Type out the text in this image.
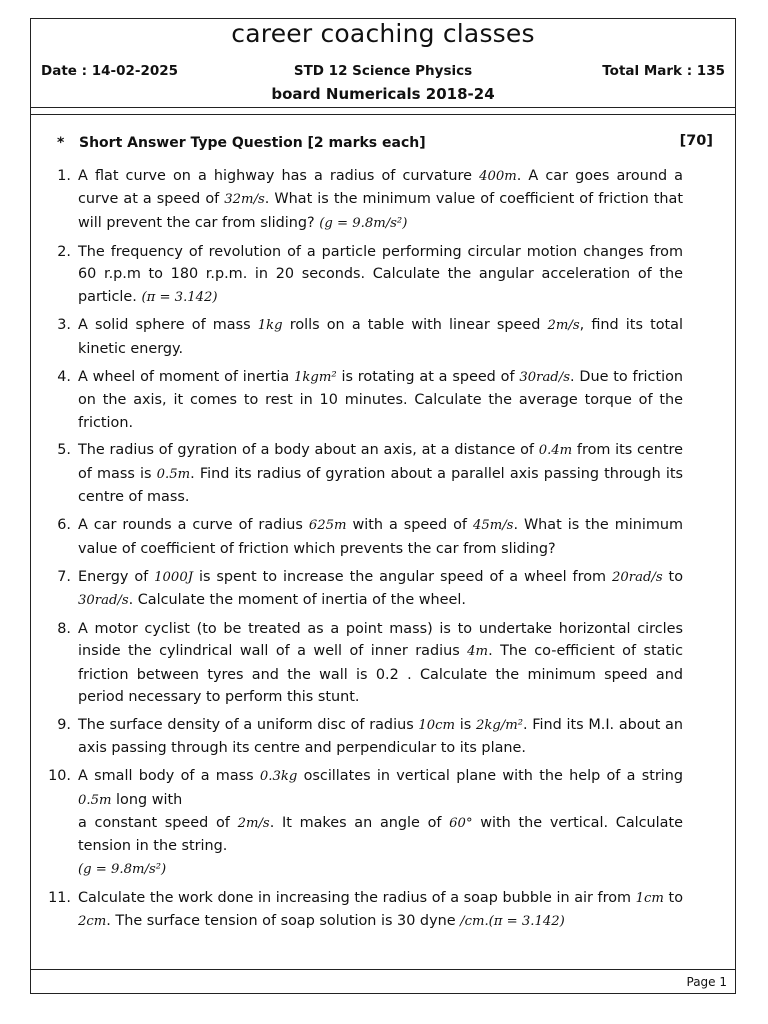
career coaching classes
Date : 14-02-2025	STD 12 Science Physics	Total Mark : 135
board Numericals 2018-24
* Short Answer Type Question [2 marks each]	[70]
1. A flat curve on a highway has a radius of curvature 400m. A car goes around a curve at a speed of 32m/s. What is the minimum value of coefficient of friction that will prevent the car from sliding? (g = 9.8m/s²)

2. The frequency of revolution of a particle performing circular motion changes from 60 r.p.m to 180 r.p.m. in 20 seconds. Calculate the angular acceleration of the particle. (π = 3.142)

3. A solid sphere of mass 1kg rolls on a table with linear speed 2m/s, find its total kinetic energy.

4. A wheel of moment of inertia 1kgm² is rotating at a speed of 30rad/s. Due to friction on the axis, it comes to rest in 10 minutes. Calculate the average torque of the friction.

5. The radius of gyration of a body about an axis, at a distance of 0.4m from its centre of mass is 0.5m. Find its radius of gyration about a parallel axis passing through its centre of mass.

6. A car rounds a curve of radius 625m with a speed of 45m/s. What is the minimum value of coefficient of friction which prevents the car from sliding?

7. Energy of 1000J is spent to increase the angular speed of a wheel from 20rad/s to 30rad/s. Calculate the moment of inertia of the wheel.

8. A motor cyclist (to be treated as a point mass) is to undertake horizontal circles inside the cylindrical wall of a well of inner radius 4m. The co-efficient of static friction between tyres and the wall is 0.2 . Calculate the minimum speed and period necessary to perform this stunt.

9. The surface density of a uniform disc of radius 10cm is 2kg/m². Find its M.I. about an axis passing through its centre and perpendicular to its plane.

10. A small body of a mass 0.3kg oscillates in vertical plane with the help of a string 0.5m long with
a constant speed of 2m/s. It makes an angle of 60° with the vertical. Calculate tension in the string.
(g = 9.8m/s²)

11. Calculate the work done in increasing the radius of a soap bubble in air from 1cm to 2cm. The surface tension of soap solution is 30 dyne /cm.(π = 3.142)

Page 1
